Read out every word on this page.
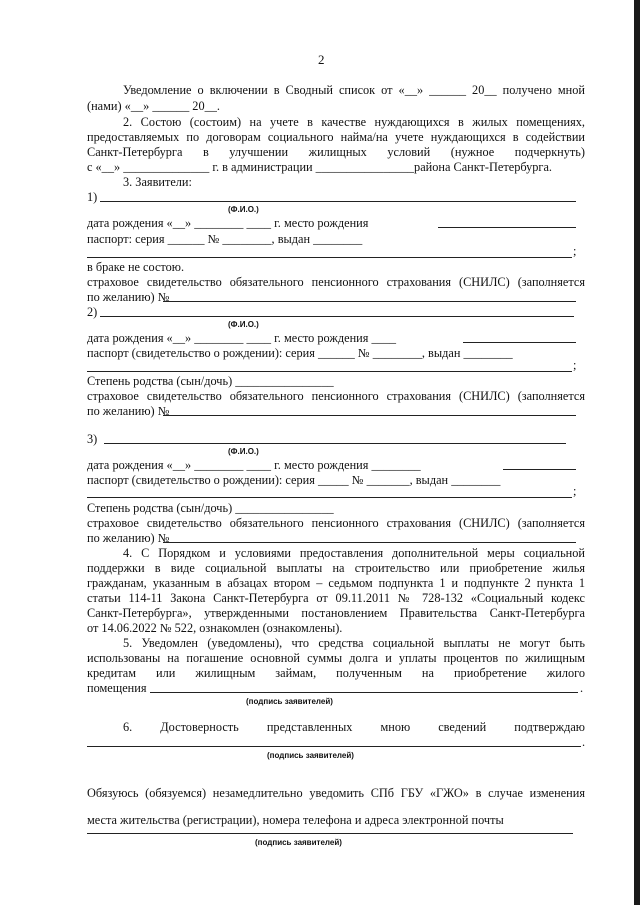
2
Уведомление о включении в Сводный список от «__» ______ 20__ получено мной
(нами) «__» ______ 20__.
2. Состою (состоим) на учете в качестве нуждающихся в жилых помещениях,
предоставляемых по договорам социального найма/на учете нуждающихся в содействии
Санкт-Петербурга в улучшении жилищных условий (нужное подчеркнуть)
с «__» ______________ г. в администрации ________________района Санкт-Петербурга.
3. Заявители:
1)
(Ф.И.О.)
дата рождения «__» ________ ____ г. место рождения
паспорт: серия ______ № ________, выдан ________
;
в браке не состою.
страховое свидетельство обязательного пенсионного страхования (СНИЛС) (заполняется
по желанию) №
2)
(Ф.И.О.)
дата рождения «__» ________ ____ г. место рождения ____
паспорт (свидетельство о рождении): серия ______ № ________, выдан ________
;
Степень родства (сын/дочь) ________________
страховое свидетельство обязательного пенсионного страхования (СНИЛС) (заполняется
по желанию) №
3)
(Ф.И.О.)
дата рождения «__» ________ ____ г. место рождения ________
паспорт (свидетельство о рождении): серия _____ № _______, выдан ________
;
Степень родства (сын/дочь) ________________
страховое свидетельство обязательного пенсионного страхования (СНИЛС) (заполняется
по желанию) №
4. С Порядком и условиями предоставления дополнительной меры социальной
поддержки в виде социальной выплаты на строительство или приобретение жилья
гражданам, указанным в абзацах втором – седьмом подпункта 1 и подпункте 2 пункта 1
статьи 114-11 Закона Санкт-Петербурга от 09.11.2011 № 728-132 «Социальный кодекс
Санкт-Петербурга», утвержденными постановлением Правительства Санкт-Петербурга
от 14.06.2022 № 522, ознакомлен (ознакомлены).
5. Уведомлен (уведомлены), что средства социальной выплаты не могут быть
использованы на погашение основной суммы долга и уплаты процентов по жилищным
кредитам или жилищным займам, полученным на приобретение жилого
помещения	.
(подпись заявителей)
6. Достоверность представленных мною сведений подтверждаю
.
(подпись заявителей)
Обязуюсь (обязуемся) незамедлительно уведомить СПб ГБУ «ГЖО» в случае изменения
места жительства (регистрации), номера телефона и адреса электронной почты
(подпись заявителей)
